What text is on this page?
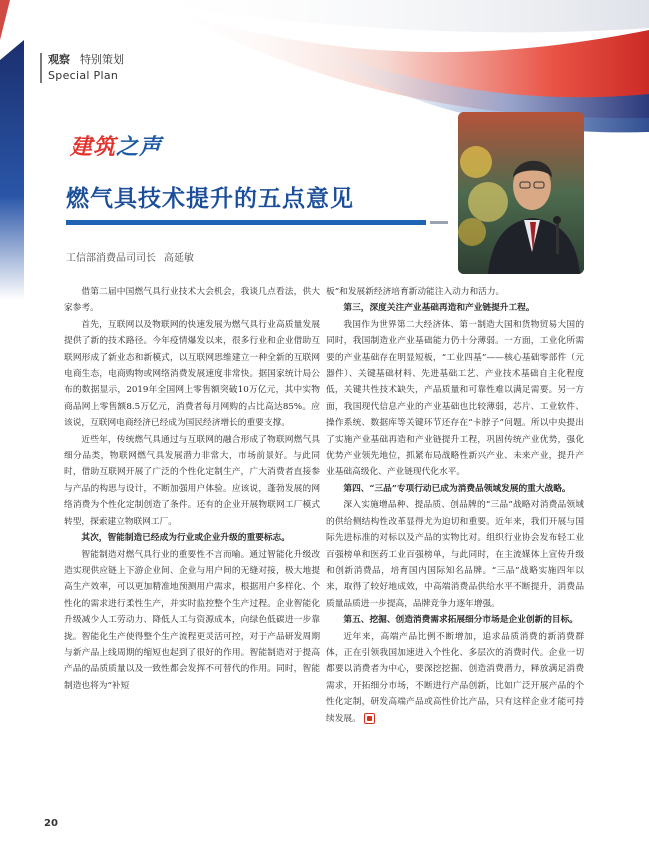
观察 特别策划
Special Plan
建筑之声
燃气具技术提升的五点意见
工信部消费品司司长 高延敏

借第二届中国燃气具行业技术大会机会，我谈几点看法，供大家参考。

首先，互联网以及物联网的快速发展为燃气具行业高质量发展提供了新的技术路径。今年疫情爆发以来，很多行业和企业借助互联网形成了新业态和新模式，以互联网思维建立一种全新的互联网电商生态，电商购物或网络消费发展速度非常快。据国家统计局公布的数据显示，2019年全国网上零售额突破10万亿元，其中实物商品网上零售额8.5万亿元，消费者每月网购的占比高达85%。应该说，互联网电商经济已经成为国民经济增长的重要支撑。

近些年，传统燃气具通过与互联网的融合形成了物联网燃气具细分品类，物联网燃气具发展潜力非常大，市场前景好。与此同时，借助互联网开展了广泛的个性化定制生产，广大消费者直接参与产品的构思与设计，不断加强用户体验。应该说，蓬勃发展的网络消费为个性化定制创造了条件。还有的企业开展物联网工厂模式转型，探索建立物联网工厂。

其次，智能制造已经成为行业或企业升级的重要标志。

智能制造对燃气具行业的重要性不言而喻。通过智能化升级改造实现供应链上下游企业间、企业与用户间的无缝对接，极大地提高生产效率，可以更加精准地预测用户需求，根据用户多样化、个性化的需求进行柔性生产，并实时监控整个生产过程。企业智能化升级减少人工劳动力、降低人工与资源成本，向绿色低碳进一步靠拢。智能化生产使得整个生产流程更灵活可控，对于产品研发周期与新产品上线周期的缩短也起到了很好的作用。智能制造对于提高产品的品质质量以及一致性都会发挥不可替代的作用。同时，智能制造也将为“补短

板”和发展新经济培育新动能注入动力和活力。

第三，深度关注产业基础再造和产业链提升工程。

我国作为世界第二大经济体、第一制造大国和货物贸易大国的同时，我国制造业产业基础能力仍十分薄弱。一方面，工业化所需要的产业基础存在明显短板，“工业四基”——核心基础零部件（元器件）、关键基础材料、先进基础工艺、产业技术基础自主化程度低，关键共性技术缺失，产品质量和可靠性难以满足需要。另一方面，我国现代信息产业的产业基础也比较薄弱，芯片、工业软件、操作系统、数据库等关键环节还存在“卡脖子”问题。所以中央提出了实施产业基础再造和产业链提升工程，巩固传统产业优势，强化优势产业领先地位，抓紧布局战略性新兴产业、未来产业，提升产业基础高级化、产业链现代化水平。

第四、“三品”专项行动已成为消费品领域发展的重大战略。

深入实施增品种、提品质、创品牌的“三品”战略对消费品领域的供给侧结构性改革显得尤为迫切和重要。近年来，我们开展与国际先进标准的对标以及产品的实物比对。组织行业协会发布轻工业百强榜单和医药工业百强榜单，与此同时，在主流媒体上宣传升级和创新消费品，培育国内国际知名品牌。“三品”战略实施四年以来，取得了较好地成效，中高端消费品供给水平不断提升，消费品质量品质进一步提高，品牌竞争力逐年增强。

第五、挖掘、创造消费需求拓展细分市场是企业创新的目标。

近年来，高端产品比例不断增加，追求品质消费的新消费群体，正在引领我国加速进入个性化、多层次的消费时代。企业一切都要以消费者为中心，要深挖挖掘、创造消费潜力，释放满足消费需求，开拓细分市场，不断进行产品创新，比如广泛开展产品的个性化定制，研发高端产品或高性价比产品，只有这样企业才能可持续发展。

20
